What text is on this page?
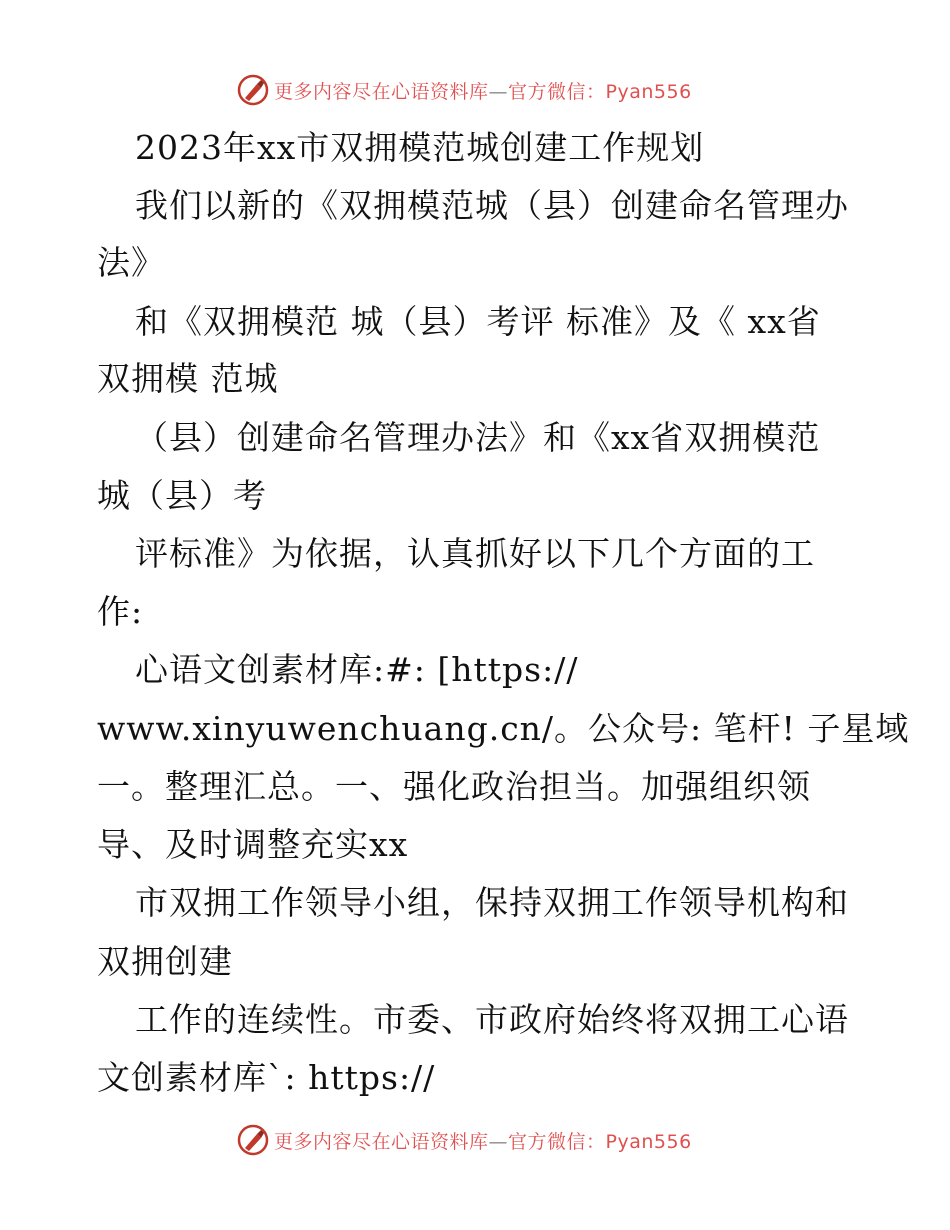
更多内容尽在心语资料库—官方微信：Pyan556
2023年xx市双拥模范城创建工作规划
我们以新的《双拥模范城（县）创建命名管理办
法》
和《双拥模范 城（县）考评 标准》及《 xx省
双拥模 范城
（县）创建命名管理办法》和《xx省双拥模范
城（县）考
评标准》为依据，认真抓好以下几个方面的工
作:
心语文创素材库:#: [https://
www.xinyuwenchuang.cn/。公众号: 笔杆! 子星域
一。整理汇总。一、强化政治担当。加强组织领
导、及时调整充实xx
市双拥工作领导小组，保持双拥工作领导机构和
双拥创建
工作的连续性。市委、市政府始终将双拥工心语
文创素材库`: https://
更多内容尽在心语资料库—官方微信：Pyan556
